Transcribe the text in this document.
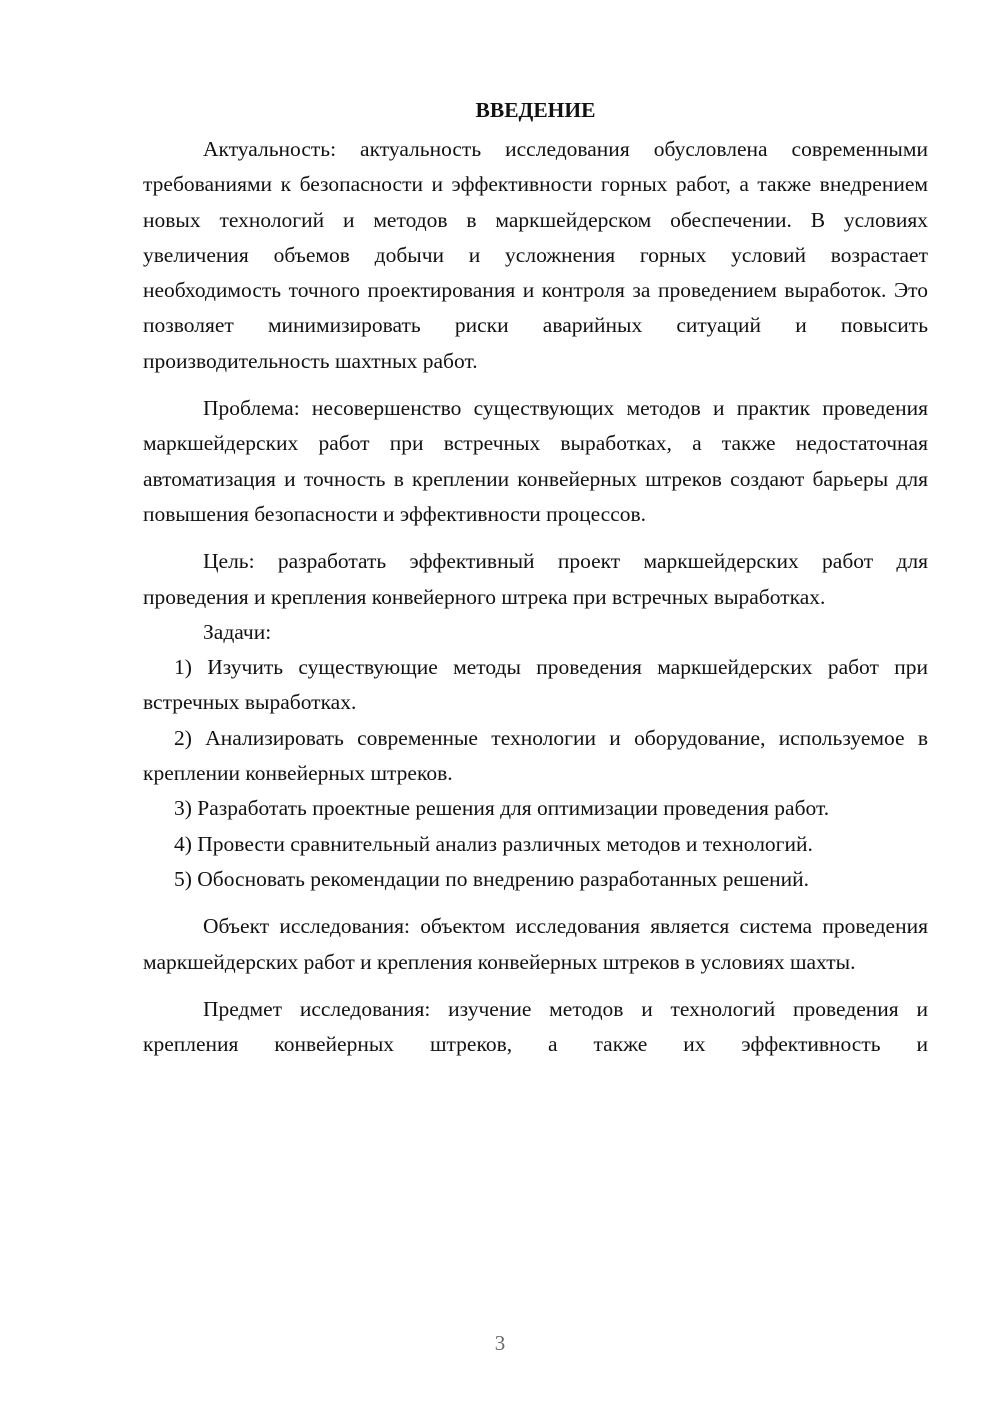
ВВЕДЕНИЕ

Актуальность: актуальность исследования обусловлена современными требованиями к безопасности и эффективности горных работ, а также внедрением новых технологий и методов в маркшейдерском обеспечении. В условиях увеличения объемов добычи и усложнения горных условий возрастает необходимость точного проектирования и контроля за проведением выработок. Это позволяет минимизировать риски аварийных ситуаций и повысить производительность шахтных работ.

Проблема: несовершенство существующих методов и практик проведения маркшейдерских работ при встречных выработках, а также недостаточная автоматизация и точность в креплении конвейерных штреков создают барьеры для повышения безопасности и эффективности процессов.

Цель: разработать эффективный проект маркшейдерских работ для проведения и крепления конвейерного штрека при встречных выработках.

Задачи:

1) Изучить существующие методы проведения маркшейдерских работ при встречных выработках.

2) Анализировать современные технологии и оборудование, используемое в креплении конвейерных штреков.

3) Разработать проектные решения для оптимизации проведения работ.

4) Провести сравнительный анализ различных методов и технологий.

5) Обосновать рекомендации по внедрению разработанных решений.

Объект исследования: объектом исследования является система проведения маркшейдерских работ и крепления конвейерных штреков в условиях шахты.

Предмет исследования: изучение методов и технологий проведения и крепления конвейерных штреков, а также их эффективность и

3
